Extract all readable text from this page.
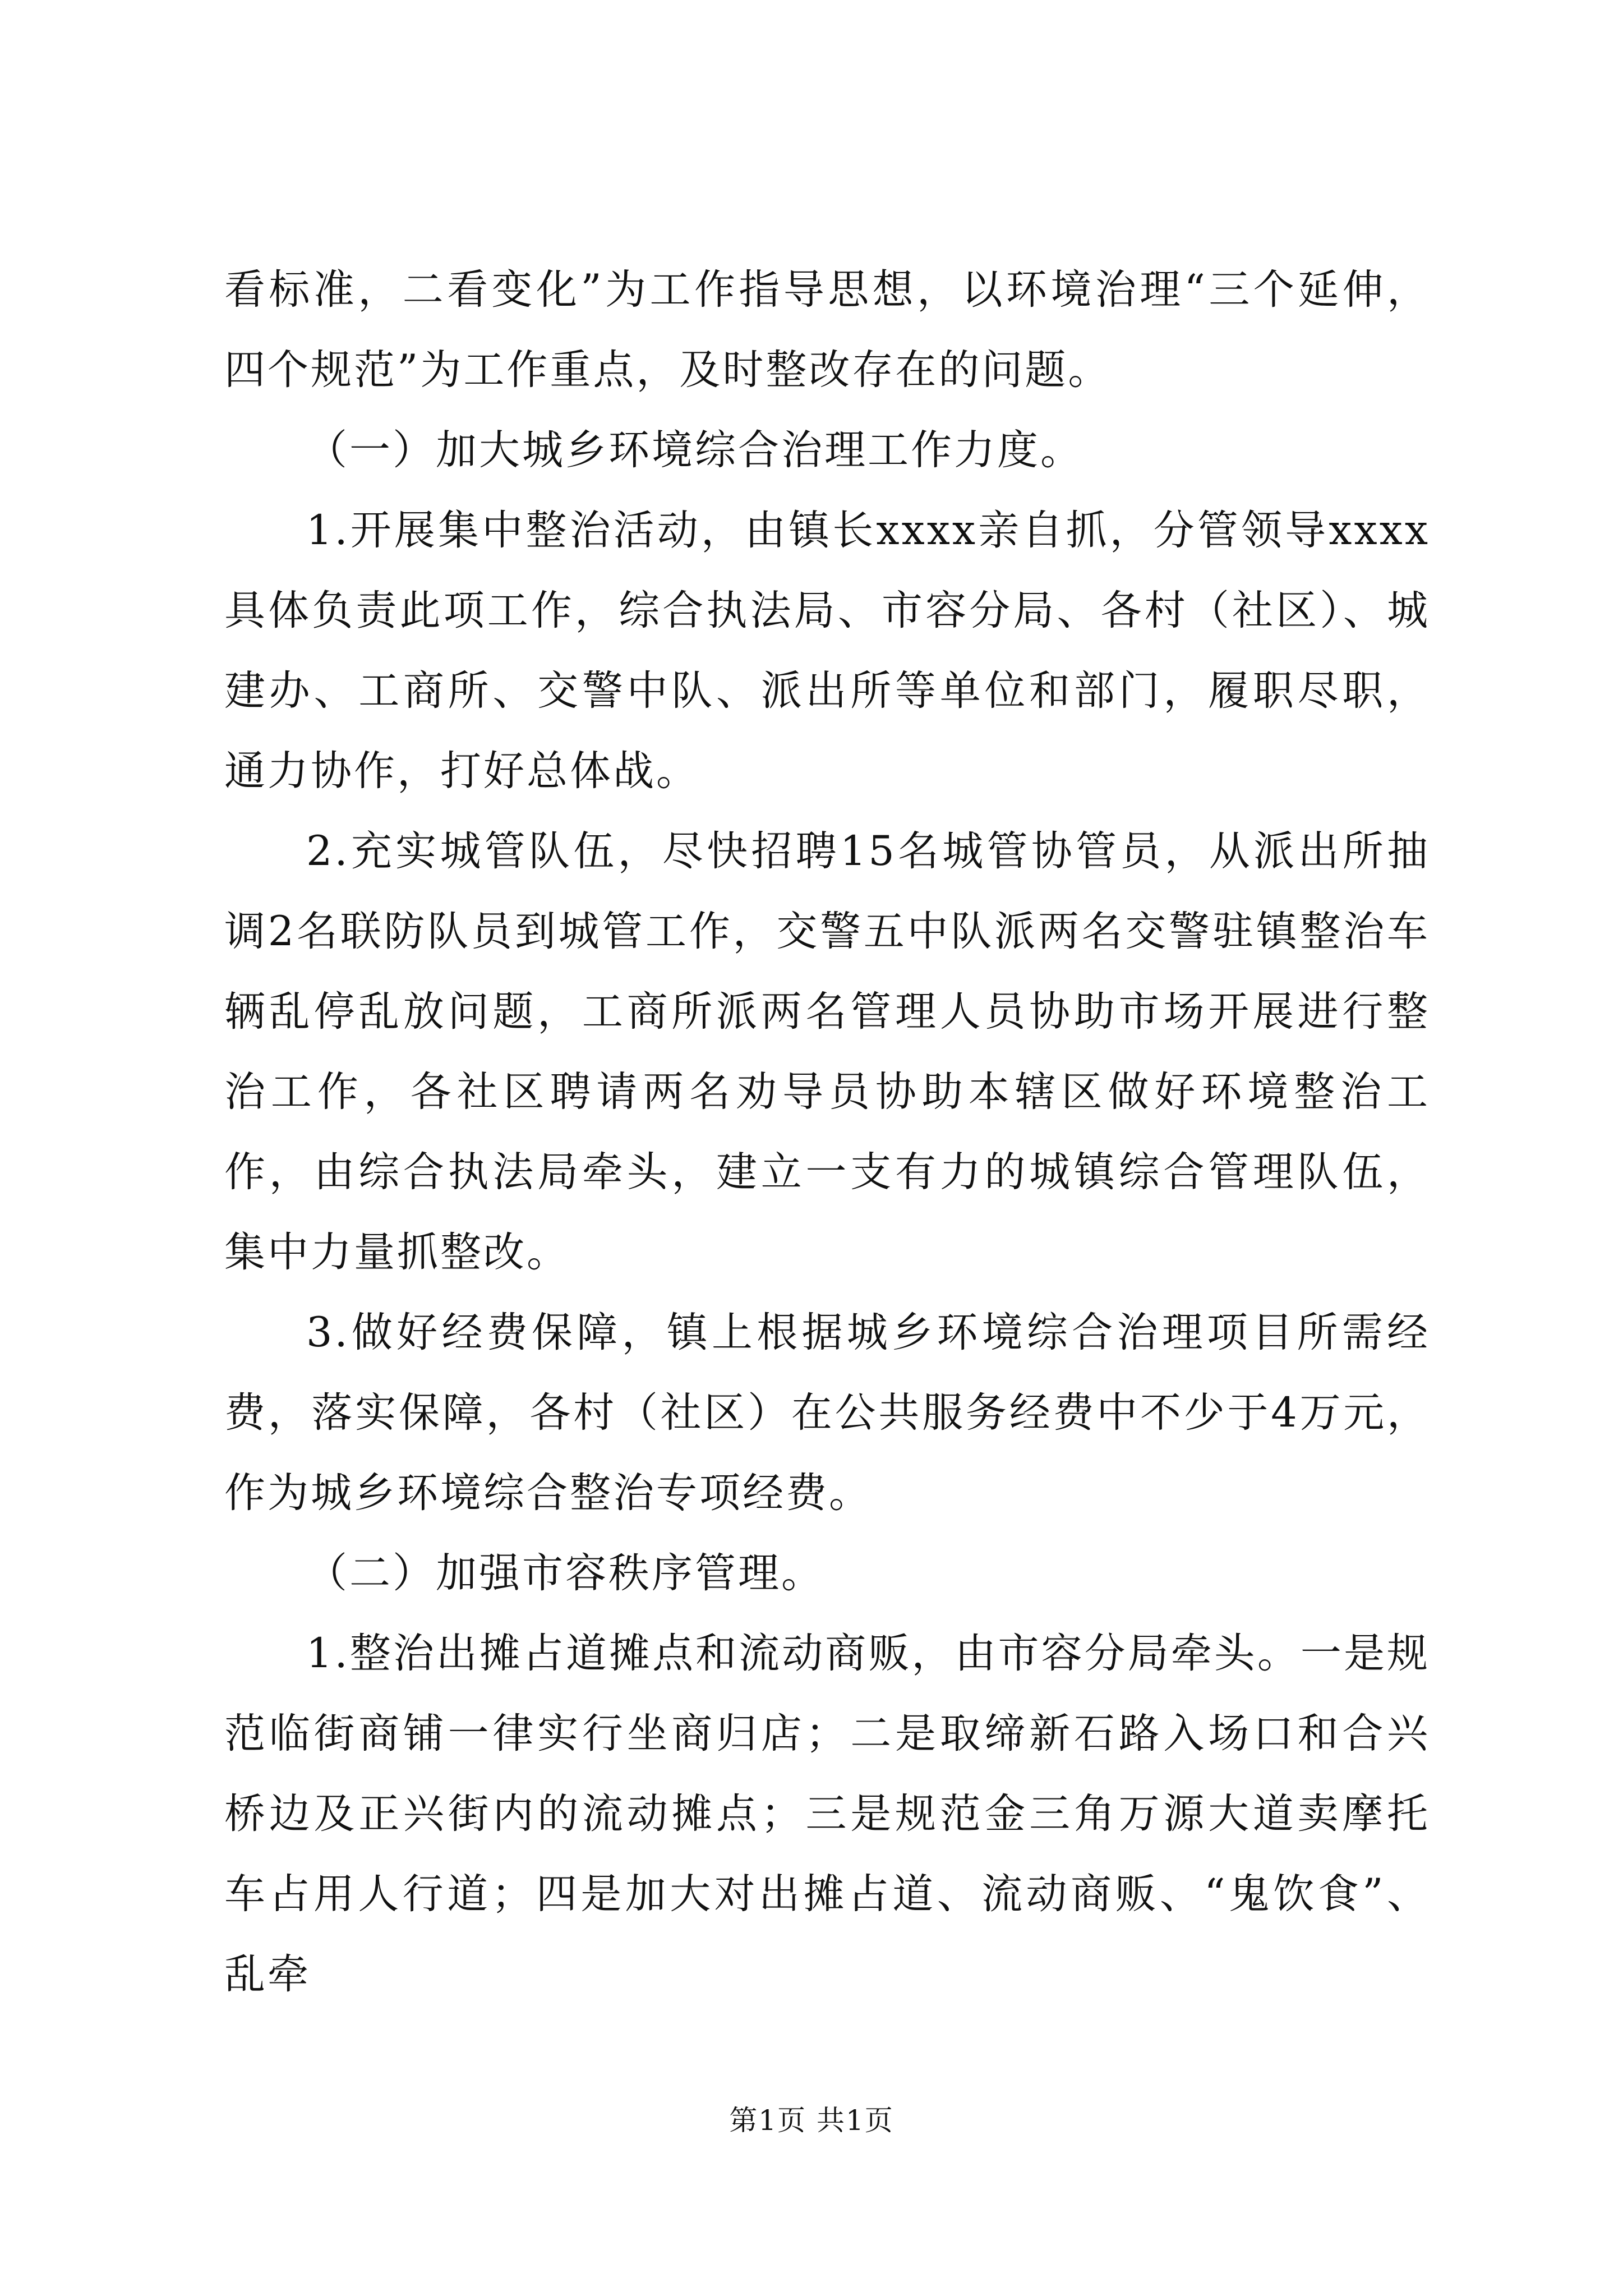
看标准，二看变化”为工作指导思想，以环境治理“三个延伸，四个规范”为工作重点，及时整改存在的问题。

（一）加大城乡环境综合治理工作力度。

1.开展集中整治活动，由镇长xxxx亲自抓，分管领导xxxx具体负责此项工作，综合执法局、市容分局、各村（社区）、城建办、工商所、交警中队、派出所等单位和部门，履职尽职，通力协作，打好总体战。

2.充实城管队伍，尽快招聘15名城管协管员，从派出所抽调2名联防队员到城管工作，交警五中队派两名交警驻镇整治车辆乱停乱放问题，工商所派两名管理人员协助市场开展进行整治工作，各社区聘请两名劝导员协助本辖区做好环境整治工作，由综合执法局牵头，建立一支有力的城镇综合管理队伍，集中力量抓整改。

3.做好经费保障，镇上根据城乡环境综合治理项目所需经费，落实保障，各村（社区）在公共服务经费中不少于4万元，作为城乡环境综合整治专项经费。

（二）加强市容秩序管理。

1.整治出摊占道摊点和流动商贩，由市容分局牵头。一是规范临街商铺一律实行坐商归店；二是取缔新石路入场口和合兴桥边及正兴街内的流动摊点；三是规范金三角万源大道卖摩托车占用人行道；四是加大对出摊占道、流动商贩、“鬼饮食”、乱牵

第1页 共1页
